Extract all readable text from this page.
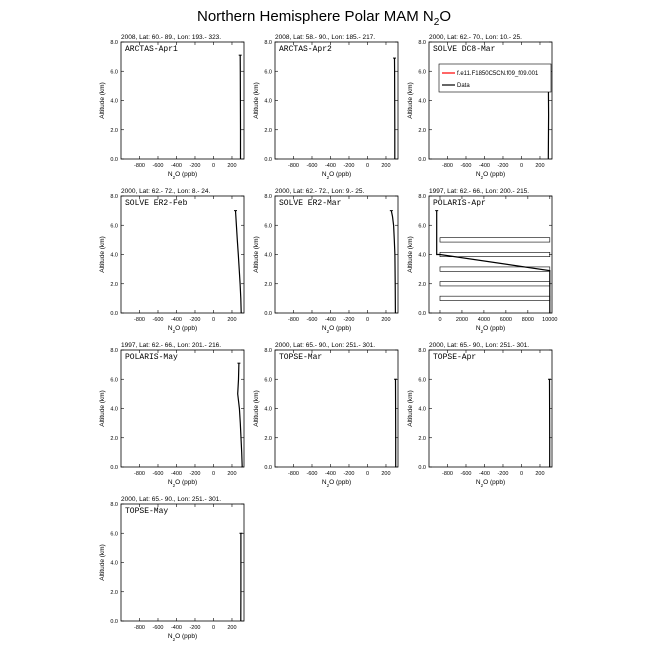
Northern Hemisphere Polar MAM $N_2O$
2008, Lat: 60.- 89., Lon: 193.- 323.
ARCTAS-Apr1
0.0
2.0
4.0
6.0
8.0
-800 -600 -400 -200 0 200
$N_2O$ (ppb)
Altitude (km)
2008, Lat: 58.- 90., Lon: 185.- 217.
ARCTAS-Apr2
0.0
2.0
4.0
6.0
8.0
-800 -600 -400 -200 0 200
$N_2O$ (ppb)
Altitude (km)
2000, Lat: 62.- 70., Lon: 10.- 25.
SOLVE DC8-Mar
0.0
2.0
4.0
6.0
8.0
-800 -600 -400 -200 0 200
$N_2O$ (ppb)
Altitude (km)
f.e11.F1850C5CN.f09_f09.001
Data
2000, Lat: 62.- 72., Lon: 8.- 24.
SOLVE ER2-Feb
0.0
2.0
4.0
6.0
8.0
-800 -600 -400 -200 0 200
$N_2O$ (ppb)
Altitude (km)
2000, Lat: 62.- 72., Lon: 9.- 25.
SOLVE ER2-Mar
0.0
2.0
4.0
6.0
8.0
-800 -600 -400 -200 0 200
$N_2O$ (ppb)
Altitude (km)
1997, Lat: 62.- 66., Lon: 200.- 215.
POLARIS-Apr
0.0
2.0
4.0
6.0
8.0
0	2000 4000 6000 8000 10000
$N_2O$ (ppb)
Altitude (km)
1997, Lat: 62.- 66., Lon: 201.- 216.
POLARIS-May
0.0
2.0
4.0
6.0
8.0
-800 -600 -400 -200 0 200
$N_2O$ (ppb)
Altitude (km)
2000, Lat: 65.- 90., Lon: 251.- 301.
TOPSE-Mar
0.0
2.0
4.0
6.0
8.0
-800 -600 -400 -200 0 200
$N_2O$ (ppb)
Altitude (km)
2000, Lat: 65.- 90., Lon: 251.- 301.
TOPSE-Apr
0.0
2.0
4.0
6.0
8.0
-800 -600 -400 -200 0 200
$N_2O$ (ppb)
Altitude (km)
2000, Lat: 65.- 90., Lon: 251.- 301.
TOPSE-May
0.0
2.0
4.0
6.0
8.0
-800 -600 -400 -200 0 200
$N_2O$ (ppb)
Altitude (km)
